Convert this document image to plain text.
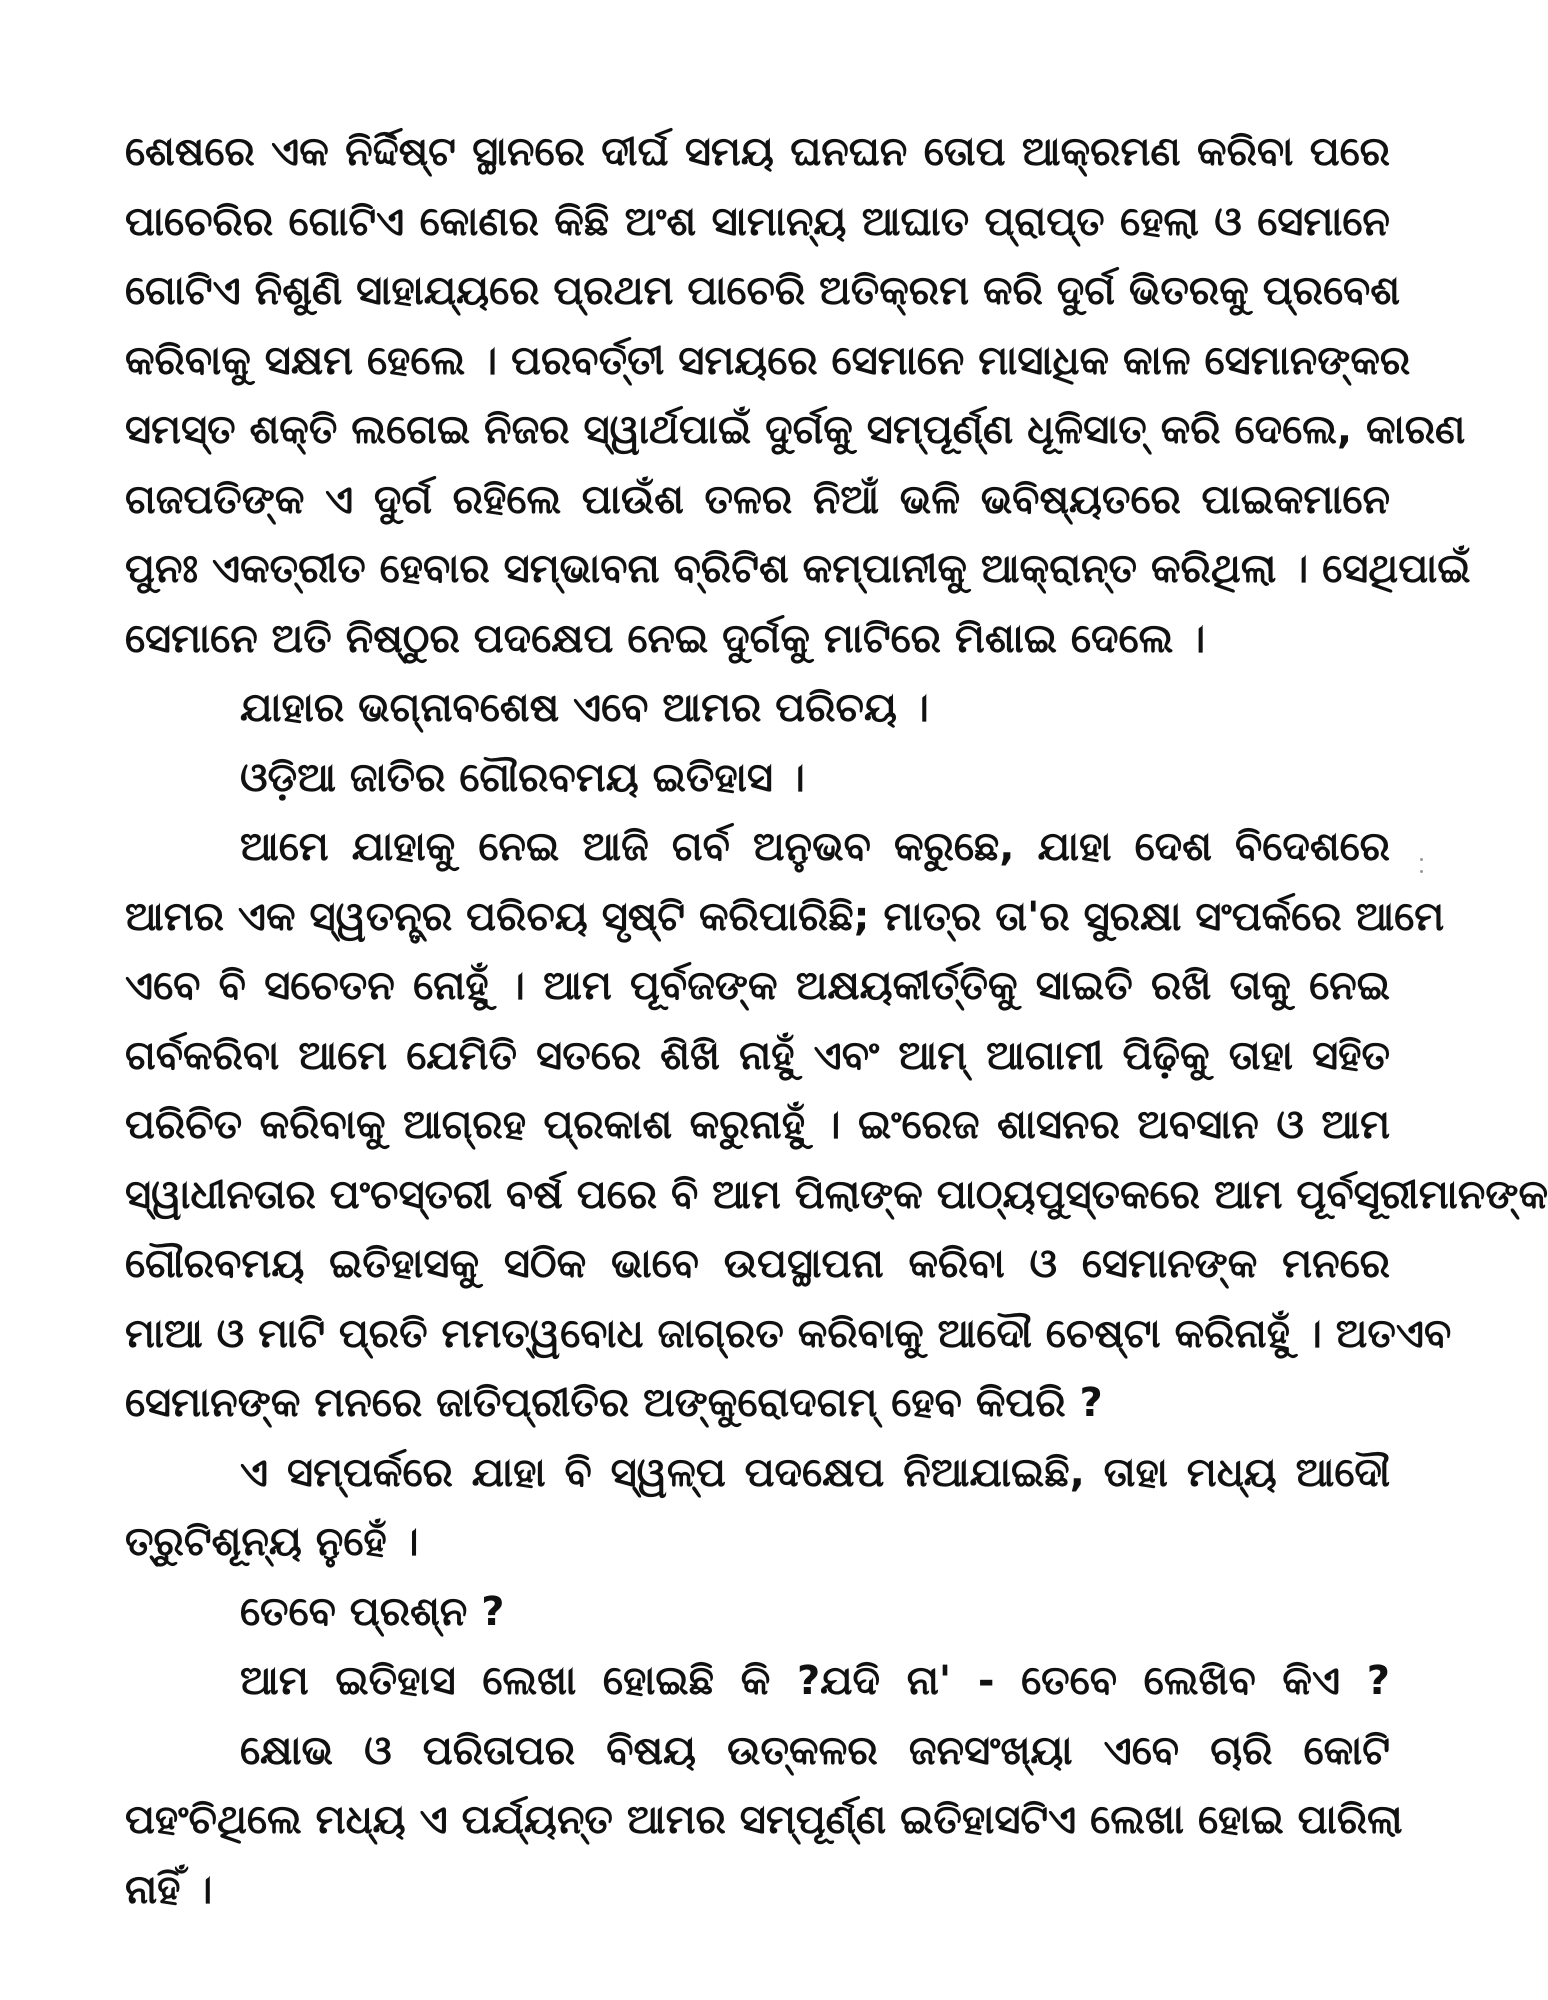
ଶେଷରେ ଏକ ନିର୍ଦ୍ଦିଷ୍ଟ ସ୍ଥାନରେ ଦୀର୍ଘ ସମୟ ଘନଘନ ତୋପ ଆକ୍ରମଣ କରିବା ପରେ
ପାଚେରିର ଗୋଟିଏ କୋଣର କିଛି ଅଂଶ ସାମାନ୍ୟ ଆଘାତ ପ୍ରାପ୍ତ ହେଲା ଓ ସେମାନେ
ଗୋଟିଏ ନିଶୁଣି ସାହାଯ୍ୟରେ ପ୍ରଥମ ପାଚେରି ଅତିକ୍ରମ କରି ଦୁର୍ଗ ଭିତରକୁ ପ୍ରବେଶ
କରିବାକୁ ସକ୍ଷମ ହେଲେ । ପରବର୍ତ୍ତୀ ସମୟରେ ସେମାନେ ମାସାଧିକ କାଳ ସେମାନଙ୍କର
ସମସ୍ତ ଶକ୍ତି ଲଗେଇ ନିଜର ସ୍ୱାର୍ଥପାଇଁ ଦୁର୍ଗକୁ ସମ୍ପୂର୍ଣ୍ଣ ଧୂଳିସାତ୍ କରି ଦେଲେ, କାରଣ
ଗଜପତିଙ୍କ ଏ ଦୁର୍ଗ ରହିଲେ ପାଉଁଶ ତଳର ନିଆଁ ଭଳି ଭବିଷ୍ୟତରେ ପାଇକମାନେ
ପୁନଃ ଏକତ୍ରୀତ ହେବାର ସମ୍ଭାବନା ବ୍ରିଟିଶ କମ୍ପାନୀକୁ ଆକ୍ରାନ୍ତ କରିଥିଲା । ସେଥିପାଇଁ
ସେମାନେ ଅତି ନିଷ୍ଠୁର ପଦକ୍ଷେପ ନେଇ ଦୁର୍ଗକୁ ମାଟିରେ ମିଶାଇ ଦେଲେ ।
ଯାହାର ଭଗ୍ନାବଶେଷ ଏବେ ଆମର ପରିଚୟ ।
ଓଡ଼ିଆ ଜାତିର ଗୌରବମୟ ଇତିହାସ ।
ଆମେ ଯାହାକୁ ନେଇ ଆଜି ଗର୍ବ ଅନୁଭବ କରୁଛେ, ଯାହା ଦେଶ ବିଦେଶରେ
ଆମର ଏକ ସ୍ୱତନ୍ତ୍ର ପରିଚୟ ସୃଷ୍ଟି କରିପାରିଛି; ମାତ୍ର ତା'ର ସୁରକ୍ଷା ସଂପର୍କରେ ଆମେ
ଏବେ ବି ସଚେତନ ନୋହୁଁ । ଆମ ପୂର୍ବଜଙ୍କ ଅକ୍ଷୟକୀର୍ତ୍ତିକୁ ସାଇତି ରଖି ତାକୁ ନେଇ
ଗର୍ବକରିବା ଆମେ ଯେମିତି ସତରେ ଶିଖି ନାହୁଁ ଏବଂ ଆମ୍ ଆଗାମୀ ପିଢ଼ିକୁ ତାହା ସହିତ
ପରିଚିତ କରିବାକୁ ଆଗ୍ରହ ପ୍ରକାଶ କରୁନାହୁଁ । ଇଂରେଜ ଶାସନର ଅବସାନ ଓ ଆମ
ସ୍ୱାଧୀନତାର ପଂଚସ୍ତରୀ ବର୍ଷ ପରେ ବି ଆମ ପିଲାଙ୍କ ପାଠ୍ୟପୁସ୍ତକରେ ଆମ ପୂର୍ବସୂରୀମାନଙ୍କ
ଗୌରବମୟ ଇତିହାସକୁ ସଠିକ ଭାବେ ଉପସ୍ଥାପନା କରିବା ଓ ସେମାନଙ୍କ ମନରେ
ମାଆ ଓ ମାଟି ପ୍ରତି ମମତ୍ୱବୋଧ ଜାଗ୍ରତ କରିବାକୁ ଆଦୌ ଚେଷ୍ଟା କରିନାହୁଁ । ଅତଏବ
ସେମାନଙ୍କ ମନରେ ଜାତିପ୍ରୀତିର ଅଙ୍କୁରୋଦଗମ୍ ହେବ କିପରି ?
ଏ ସମ୍ପର୍କରେ ଯାହା ବି ସ୍ୱଳ୍ପ ପଦକ୍ଷେପ ନିଆଯାଇଛି, ତାହା ମଧ୍ୟ ଆଦୌ
ତ୍ରୁଟିଶୂନ୍ୟ ନୁହେଁ ।
ତେବେ ପ୍ରଶ୍ନ ?
ଆମ ଇତିହାସ ଲେଖା ହୋଇଛି କି ?ଯଦି ନା' - ତେବେ ଲେଖିବ କିଏ ?
କ୍ଷୋଭ ଓ ପରିତାପର ବିଷୟ ଉତ୍କଳର ଜନସଂଖ୍ୟା ଏବେ ଚାରି କୋଟି
ପହଂଚିଥିଲେ ମଧ୍ୟ ଏ ପର୍ଯ୍ୟନ୍ତ ଆମର ସମ୍ପୂର୍ଣ୍ଣ ଇତିହାସଟିଏ ଲେଖା ହୋଇ ପାରିଲା
ନାହିଁ ।
